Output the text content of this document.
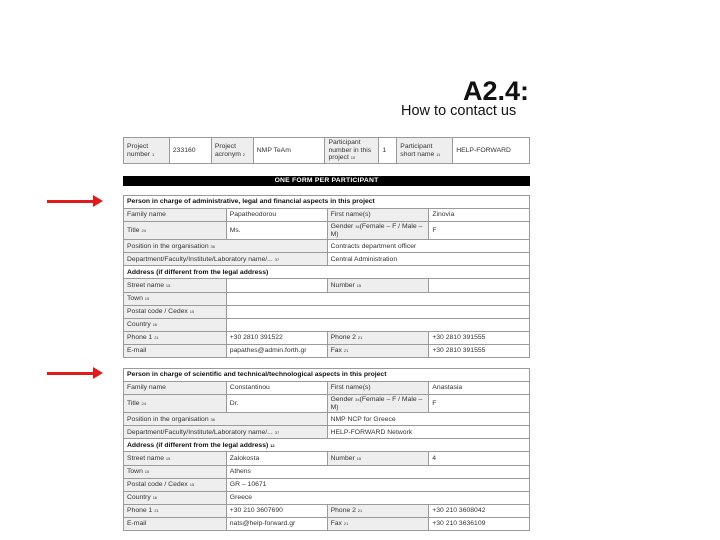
A2.4:
How to contact us
Project number 1	233160	Project acronym 2	NMP TeAm	Participant number in this project 10	1	Participant short name 11	HELP-FORWARD
ONE FORM PER PARTICIPANT
Person in charge of administrative, legal and financial aspects in this project			
Family name	Papatheodorou	First name(s)	Zinovia
Title 24	Ms.	Gender 34(Female – F / Male – M)	F
Position in the organisation 36		Contracts department officer	
Department/Faculty/Institute/Laboratory name/... 37		Central Administration	
Address (if different from the legal address)			
Street name 15		Number 15	
Town 15			
Postal code / Cedex 15			
Country 16			
Phone 1 21	+30 2810 391522	Phone 2 21	+30 2810 391555
E-mail	papathes@admin.forth.gr	Fax 21	+30 2810 391555
Person in charge of scientific and technical/technological aspects in this project			
Family name	Constantinou	First name(s)	Anastasia
Title 24	Dr.	Gender 34(Female – F / Male – M)	F
Position in the organisation 36		NMP NCP for Greece	
Department/Faculty/Institute/Laboratory name/... 37		HELP-FORWARD Network	
Address (if different from the legal address) 12			
Street name 15	Zalokosta	Number 15	4
Town 15	Athens		
Postal code / Cedex 15	GR – 10671		
Country 16	Greece		
Phone 1 21	+30 210 3607690	Phone 2 21	+30 210 3608042
E-mail	nats@help-forward.gr	Fax 21	+30 210 3636109
